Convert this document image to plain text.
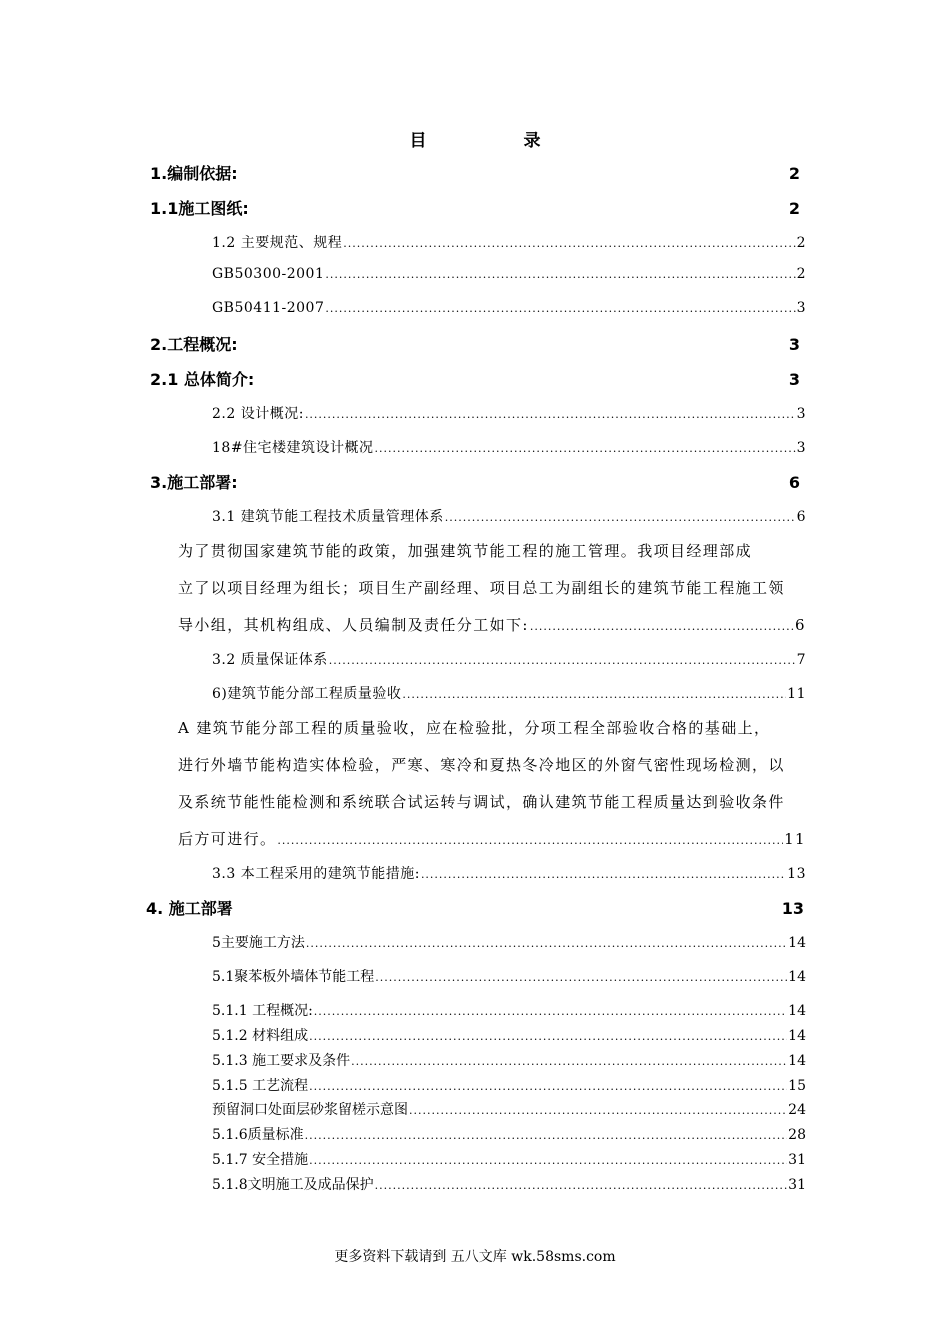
目　录
1.编制依据:	2
1.1施工图纸:	2
1.2 主要规范、规程 .....	2
GB50300-2001 .....	2
GB50411-2007 .....	3
2.工程概况:	3
2.1 总体简介:	3
2.2 设计概况: .....	3
18#住宅楼建筑设计概况 .....	3
3.施工部署:	6
3.1 建筑节能工程技术质量管理体系 .....	6
为了贯彻国家建筑节能的政策，加强建筑节能工程的施工管理。我项目经理部成
立了以项目经理为组长；项目生产副经理、项目总工为副组长的建筑节能工程施工领
导小组，其机构组成、人员编制及责任分工如下: .....	6
3.2 质量保证体系 .....	7
6)建筑节能分部工程质量验收 .....	11
A 建筑节能分部工程的质量验收，应在检验批，分项工程全部验收合格的基础上，
进行外墙节能构造实体检验，严寒、寒冷和夏热冬冷地区的外窗气密性现场检测，以
及系统节能性能检测和系统联合试运转与调试，确认建筑节能工程质量达到验收条件
后方可进行。 .....	11
3.3 本工程采用的建筑节能措施: .....	13
4. 施工部署	13
5主要施工方法 .....	14
5.1聚苯板外墙体节能工程 .....	14
5.1.1 工程概况: .....	14
5.1.2 材料组成 .....	14
5.1.3 施工要求及条件 .....	14
5.1.5 工艺流程 .....	15
预留洞口处面层砂浆留槎示意图 .....	24
5.1.6质量标准 .....	28
5.1.7 安全措施 .....	31
5.1.8文明施工及成品保护 .....	31
更多资料下载请到 五八文库 wk.58sms.com
